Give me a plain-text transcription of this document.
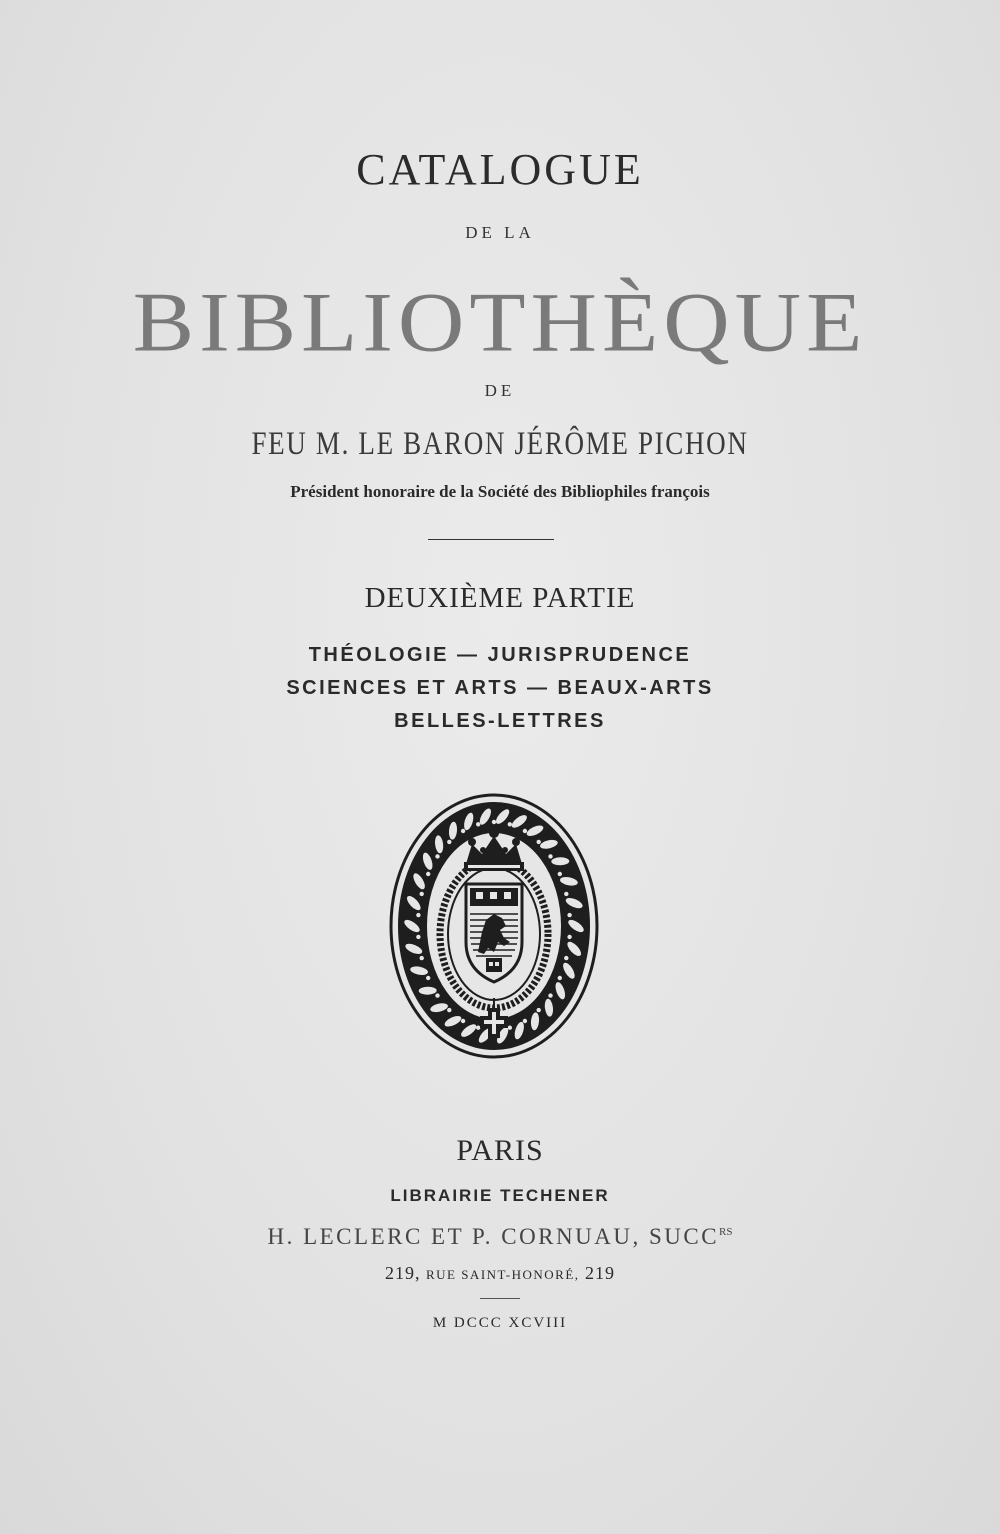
CATALOGUE
DE LA
BIBLIOTHÈQUE
DE
FEU M. LE BARON JÉRÔME PICHON
Président honoraire de la Société des Bibliophiles françois
DEUXIÈME PARTIE
THÉOLOGIE — JURISPRUDENCE
SCIENCES ET ARTS — BEAUX-ARTS
BELLES-LETTRES
PARIS
LIBRAIRIE TECHENER
H. LECLERC ET P. CORNUAU, $SUCC^{RS}$
219, RUE SAINT-HONORÉ, 219
M DCCC XCVIII
